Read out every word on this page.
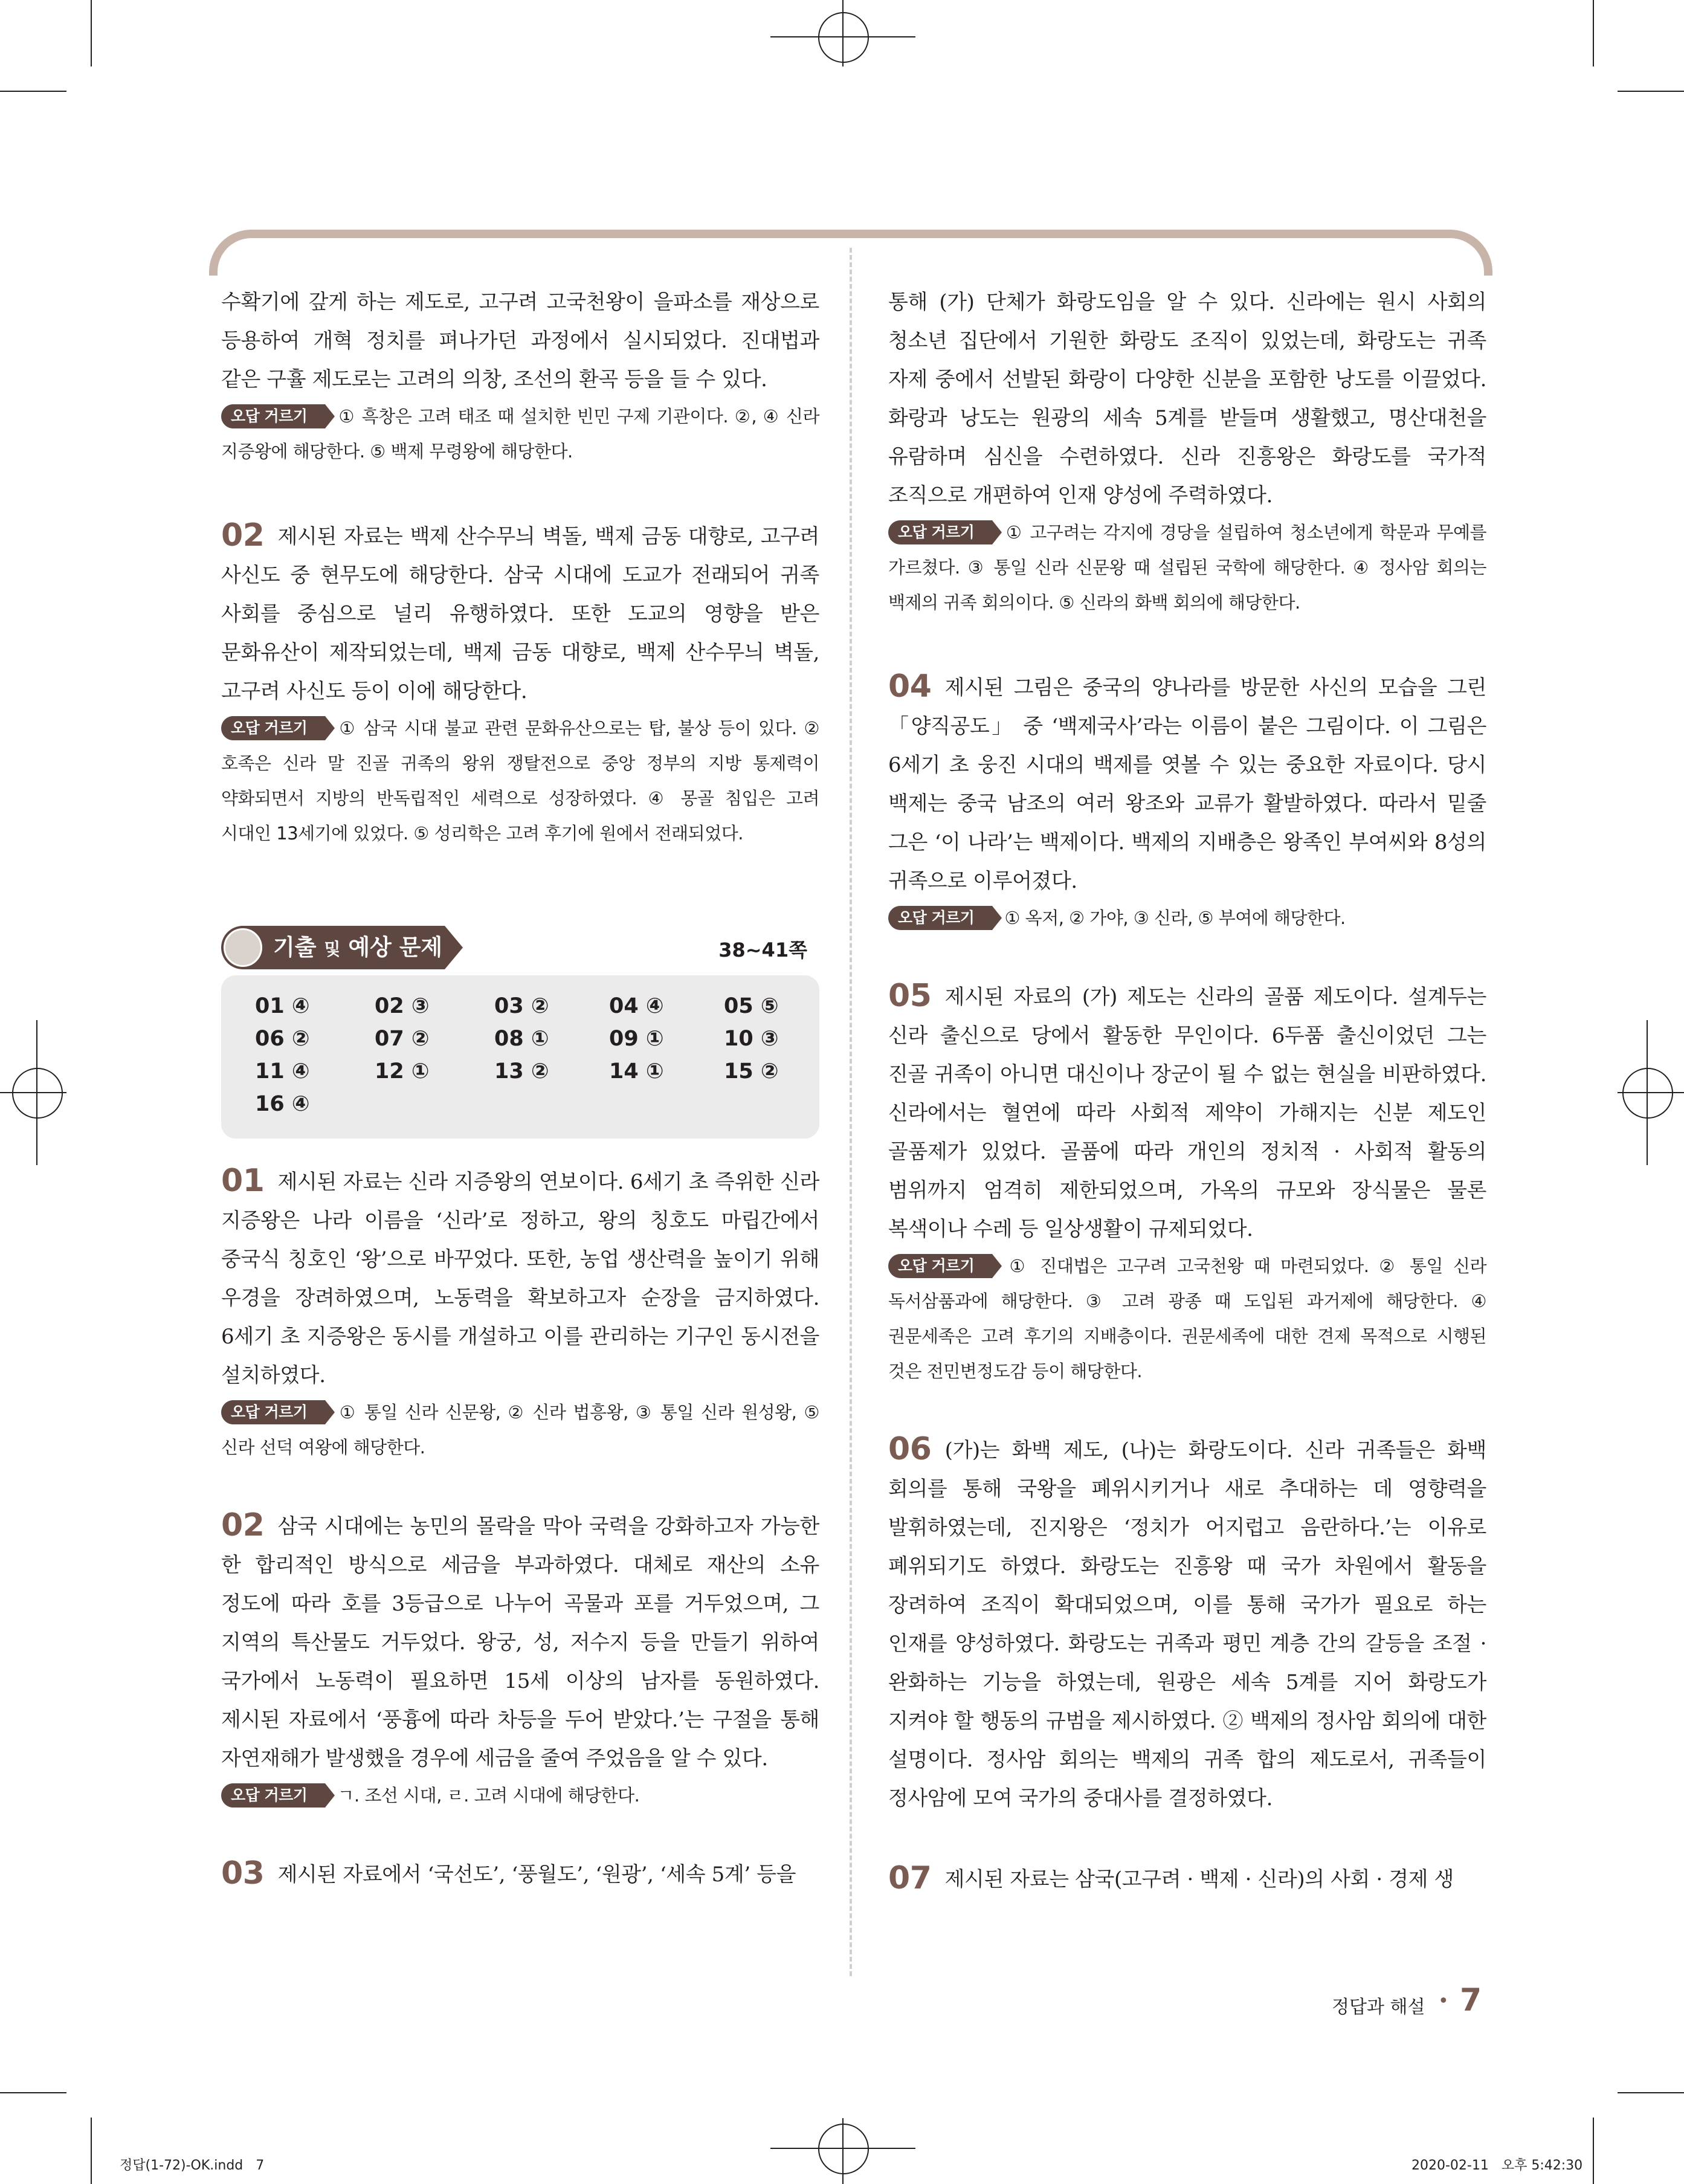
수확기에 갚게 하는 제도로, 고구려 고국천왕이 을파소를 재상으로 등용하여 개혁 정치를 펴나가던 과정에서 실시되었다. 진대법과 같은 구휼 제도로는 고려의 의창, 조선의 환곡 등을 들 수 있다.

오답 거르기 ① 흑창은 고려 태조 때 설치한 빈민 구제 기관이다. ②, ④ 신라 지증왕에 해당한다. ⑤ 백제 무령왕에 해당한다.

02 제시된 자료는 백제 산수무늬 벽돌, 백제 금동 대향로, 고구려 사신도 중 현무도에 해당한다. 삼국 시대에 도교가 전래되어 귀족 사회를 중심으로 널리 유행하였다. 또한 도교의 영향을 받은 문화유산이 제작되었는데, 백제 금동 대향로, 백제 산수무늬 벽돌, 고구려 사신도 등이 이에 해당한다.

오답 거르기 ① 삼국 시대 불교 관련 문화유산으로는 탑, 불상 등이 있다. ② 호족은 신라 말 진골 귀족의 왕위 쟁탈전으로 중앙 정부의 지방 통제력이 약화되면서 지방의 반독립적인 세력으로 성장하였다. ④ 몽골 침입은 고려 시대인 13세기에 있었다. ⑤ 성리학은 고려 후기에 원에서 전래되었다.

기출 및 예상 문제	38~41쪽
01 ④	02 ③	03 ②	04 ④	05 ⑤
06 ②	07 ②	08 ①	09 ①	10 ③
11 ④	12 ①	13 ②	14 ①	15 ②
16 ④

01 제시된 자료는 신라 지증왕의 연보이다. 6세기 초 즉위한 신라 지증왕은 나라 이름을 ‘신라’로 정하고, 왕의 칭호도 마립간에서 중국식 칭호인 ‘왕’으로 바꾸었다. 또한, 농업 생산력을 높이기 위해 우경을 장려하였으며, 노동력을 확보하고자 순장을 금지하였다. 6세기 초 지증왕은 동시를 개설하고 이를 관리하는 기구인 동시전을 설치하였다.

오답 거르기 ① 통일 신라 신문왕, ② 신라 법흥왕, ③ 통일 신라 원성왕, ⑤ 신라 선덕 여왕에 해당한다.

02 삼국 시대에는 농민의 몰락을 막아 국력을 강화하고자 가능한 한 합리적인 방식으로 세금을 부과하였다. 대체로 재산의 소유 정도에 따라 호를 3등급으로 나누어 곡물과 포를 거두었으며, 그 지역의 특산물도 거두었다. 왕궁, 성, 저수지 등을 만들기 위하여 국가에서 노동력이 필요하면 15세 이상의 남자를 동원하였다. 제시된 자료에서 ‘풍흉에 따라 차등을 두어 받았다.’는 구절을 통해 자연재해가 발생했을 경우에 세금을 줄여 주었음을 알 수 있다.

오답 거르기 ㄱ. 조선 시대, ㄹ. 고려 시대에 해당한다.

03 제시된 자료에서 ‘국선도’, ‘풍월도’, ‘원광’, ‘세속 5계’ 등을

통해 (가) 단체가 화랑도임을 알 수 있다. 신라에는 원시 사회의 청소년 집단에서 기원한 화랑도 조직이 있었는데, 화랑도는 귀족 자제 중에서 선발된 화랑이 다양한 신분을 포함한 낭도를 이끌었다. 화랑과 낭도는 원광의 세속 5계를 받들며 생활했고, 명산대천을 유람하며 심신을 수련하였다. 신라 진흥왕은 화랑도를 국가적 조직으로 개편하여 인재 양성에 주력하였다.

오답 거르기 ① 고구려는 각지에 경당을 설립하여 청소년에게 학문과 무예를 가르쳤다. ③ 통일 신라 신문왕 때 설립된 국학에 해당한다. ④ 정사암 회의는 백제의 귀족 회의이다. ⑤ 신라의 화백 회의에 해당한다.

04 제시된 그림은 중국의 양나라를 방문한 사신의 모습을 그린 「양직공도」 중 ‘백제국사’라는 이름이 붙은 그림이다. 이 그림은 6세기 초 웅진 시대의 백제를 엿볼 수 있는 중요한 자료이다. 당시 백제는 중국 남조의 여러 왕조와 교류가 활발하였다. 따라서 밑줄 그은 ‘이 나라’는 백제이다. 백제의 지배층은 왕족인 부여씨와 8성의 귀족으로 이루어졌다.

오답 거르기 ① 옥저, ② 가야, ③ 신라, ⑤ 부여에 해당한다.

05 제시된 자료의 (가) 제도는 신라의 골품 제도이다. 설계두는 신라 출신으로 당에서 활동한 무인이다. 6두품 출신이었던 그는 진골 귀족이 아니면 대신이나 장군이 될 수 없는 현실을 비판하였다. 신라에서는 혈연에 따라 사회적 제약이 가해지는 신분 제도인 골품제가 있었다. 골품에 따라 개인의 정치적 · 사회적 활동의 범위까지 엄격히 제한되었으며, 가옥의 규모와 장식물은 물론 복색이나 수레 등 일상생활이 규제되었다.

오답 거르기 ① 진대법은 고구려 고국천왕 때 마련되었다. ② 통일 신라 독서삼품과에 해당한다. ③ 고려 광종 때 도입된 과거제에 해당한다. ④ 권문세족은 고려 후기의 지배층이다. 권문세족에 대한 견제 목적으로 시행된 것은 전민변정도감 등이 해당한다.

06 (가)는 화백 제도, (나)는 화랑도이다. 신라 귀족들은 화백 회의를 통해 국왕을 폐위시키거나 새로 추대하는 데 영향력을 발휘하였는데, 진지왕은 ‘정치가 어지럽고 음란하다.’는 이유로 폐위되기도 하였다. 화랑도는 진흥왕 때 국가 차원에서 활동을 장려하여 조직이 확대되었으며, 이를 통해 국가가 필요로 하는 인재를 양성하였다. 화랑도는 귀족과 평민 계층 간의 갈등을 조절 · 완화하는 기능을 하였는데, 원광은 세속 5계를 지어 화랑도가 지켜야 할 행동의 규범을 제시하였다. ② 백제의 정사암 회의에 대한 설명이다. 정사암 회의는 백제의 귀족 합의 제도로서, 귀족들이 정사암에 모여 국가의 중대사를 결정하였다.

07 제시된 자료는 삼국(고구려 · 백제 · 신라)의 사회 · 경제 생

정답과 해설 • 7
정답(1-72)-OK.indd   7	2020-02-11   오후 5:42:30
